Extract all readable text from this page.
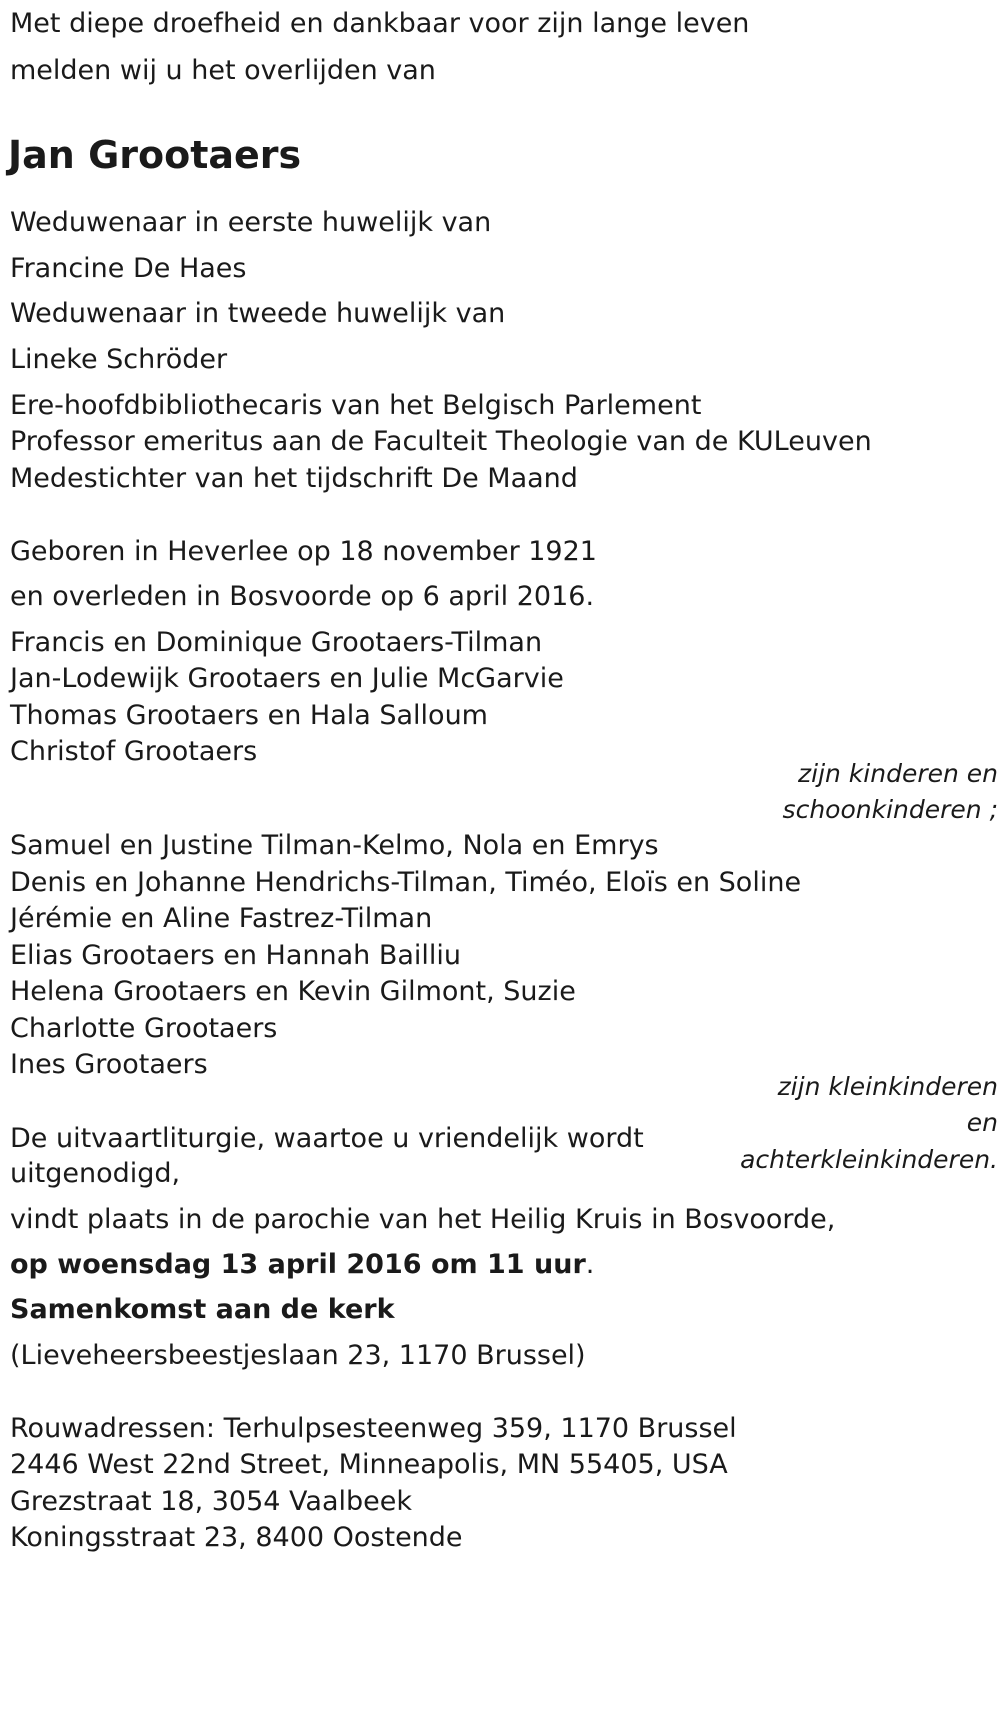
Met diepe droefheid en dankbaar voor zijn lange leven
melden wij u het overlijden van
Jan Grootaers
Weduwenaar in eerste huwelijk van
Francine De Haes
Weduwenaar in tweede huwelijk van
Lineke Schröder
Ere-hoofdbibliothecaris van het Belgisch Parlement
Professor emeritus aan de Faculteit Theologie van de KULeuven
Medestichter van het tijdschrift De Maand
Geboren in Heverlee op 18 november 1921
en overleden in Bosvoorde op 6 april 2016.
Francis en Dominique Grootaers-Tilman
Jan-Lodewijk Grootaers en Julie McGarvie
Thomas Grootaers en Hala Salloum
Christof Grootaers
zijn kinderen en
schoonkinderen ;
Samuel en Justine Tilman-Kelmo, Nola en Emrys
Denis en Johanne Hendrichs-Tilman, Timéo, Eloïs en Soline
Jérémie en Aline Fastrez-Tilman
Elias Grootaers en Hannah Bailliu
Helena Grootaers en Kevin Gilmont, Suzie
Charlotte Grootaers
Ines Grootaers
zijn kleinkinderen
en
achterkleinkinderen.
De uitvaartliturgie, waartoe u vriendelijk wordt
uitgenodigd,
vindt plaats in de parochie van het Heilig Kruis in Bosvoorde,
op woensdag 13 april 2016 om 11 uur.
Samenkomst aan de kerk
(Lieveheersbeestjeslaan 23, 1170 Brussel)
Rouwadressen: Terhulpsesteenweg 359, 1170 Brussel
2446 West 22nd Street, Minneapolis, MN 55405, USA
Grezstraat 18, 3054 Vaalbeek
Koningsstraat 23, 8400 Oostende
